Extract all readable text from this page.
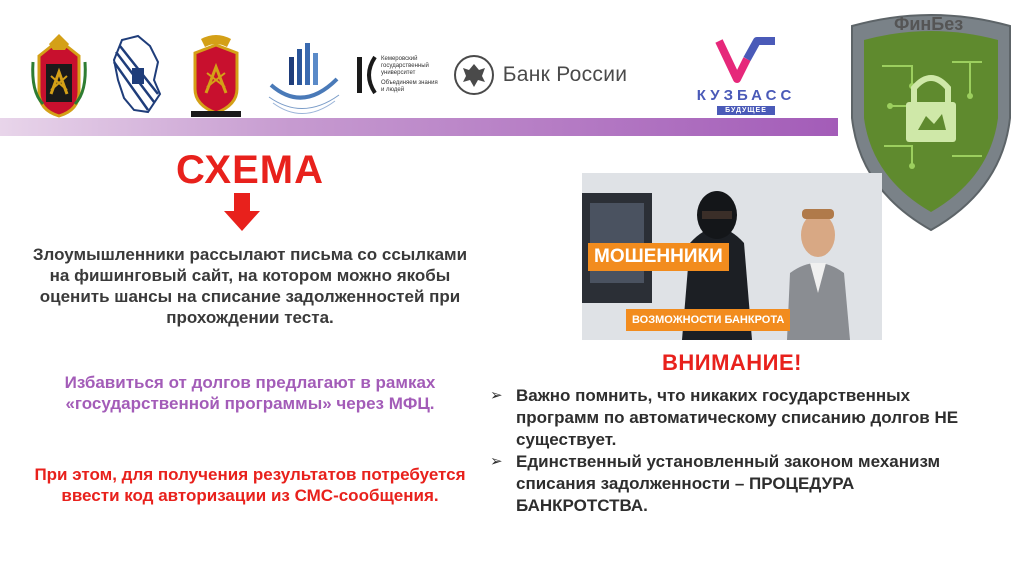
Кемеровский государственный университет
Объединяем знания и людей
Банк России
КУЗБАСС
БУДУЩЕЕ
ФинБез
СХЕМА
Злоумышленники рассылают письма со ссылками на фишинговый сайт, на котором можно якобы оценить шансы на списание задолженностей при прохождении теста.
Избавиться от долгов предлагают в рамках «государственной программы» через МФЦ.
При этом, для получения результатов потребуется ввести код авторизации из СМС-сообщения.
МОШЕННИКИ
ВОЗМОЖНОСТИ БАНКРОТА
ВНИМАНИЕ!
➢ Важно помнить, что никаких государственных программ по автоматическому списанию долгов НЕ существует.
➢ Единственный установленный законом механизм списания задолженности – ПРОЦЕДУРА БАНКРОТСТВА.
